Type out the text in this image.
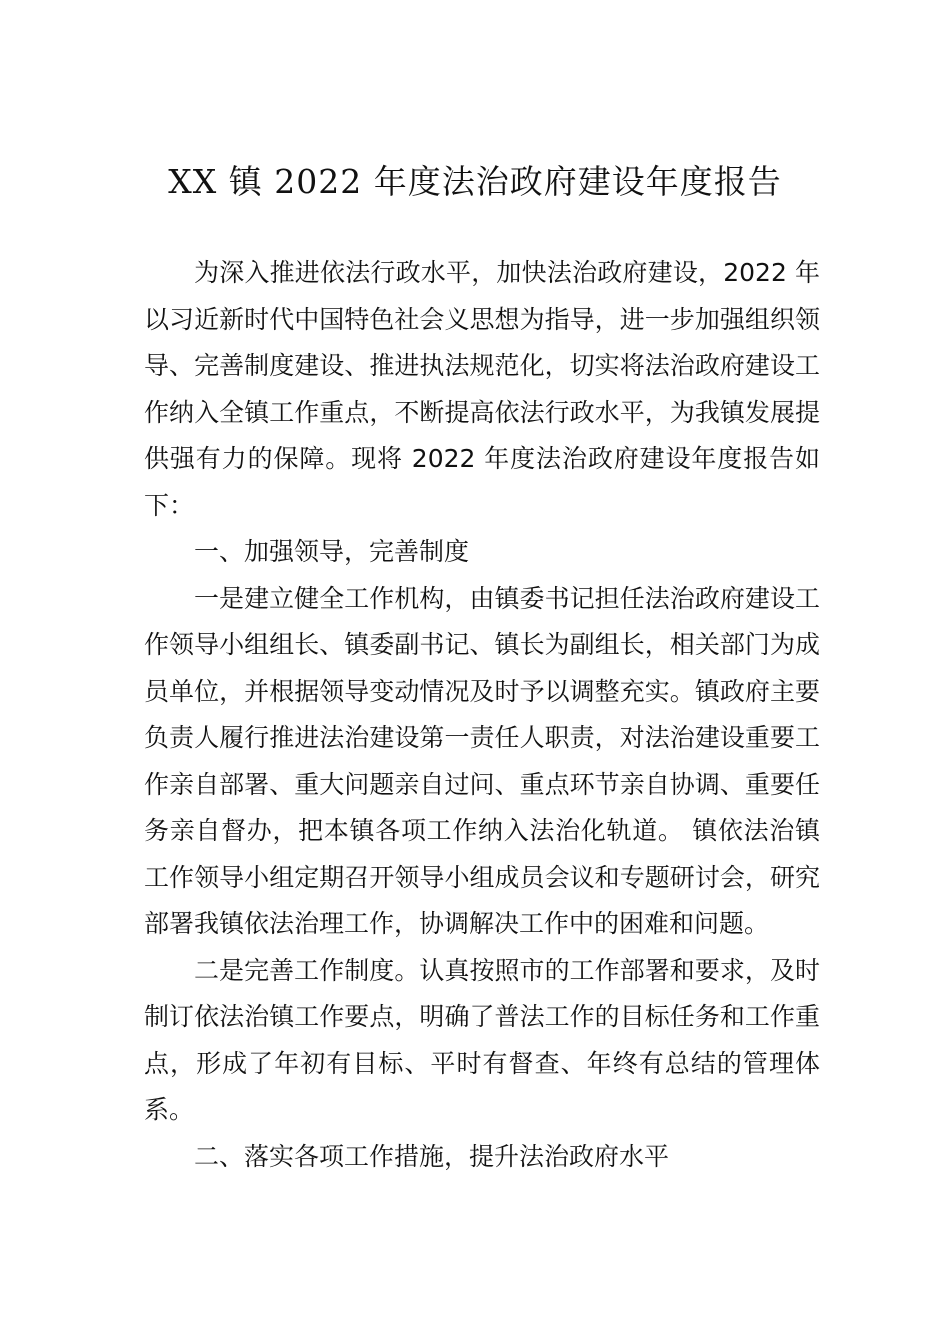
XX 镇 2022 年度法治政府建设年度报告

为深入推进依法行政水平，加快法治政府建设，2022 年以习近新时代中国特色社会义思想为指导，进一步加强组织领导、完善制度建设、推进执法规范化，切实将法治政府建设工作纳入全镇工作重点，不断提高依法行政水平，为我镇发展提供强有力的保障。现将 2022 年度法治政府建设年度报告如下：

一、加强领导，完善制度

一是建立健全工作机构，由镇委书记担任法治政府建设工作领导小组组长、镇委副书记、镇长为副组长，相关部门为成员单位，并根据领导变动情况及时予以调整充实。镇政府主要负责人履行推进法治建设第一责任人职责，对法治建设重要工作亲自部署、重大问题亲自过问、重点环节亲自协调、重要任务亲自督办，把本镇各项工作纳入法治化轨道。 镇依法治镇工作领导小组定期召开领导小组成员会议和专题研讨会，研究部署我镇依法治理工作，协调解决工作中的困难和问题。

二是完善工作制度。认真按照市的工作部署和要求，及时制订依法治镇工作要点，明确了普法工作的目标任务和工作重点，形成了年初有目标、平时有督查、年终有总结的管理体系。

二、落实各项工作措施，提升法治政府水平
